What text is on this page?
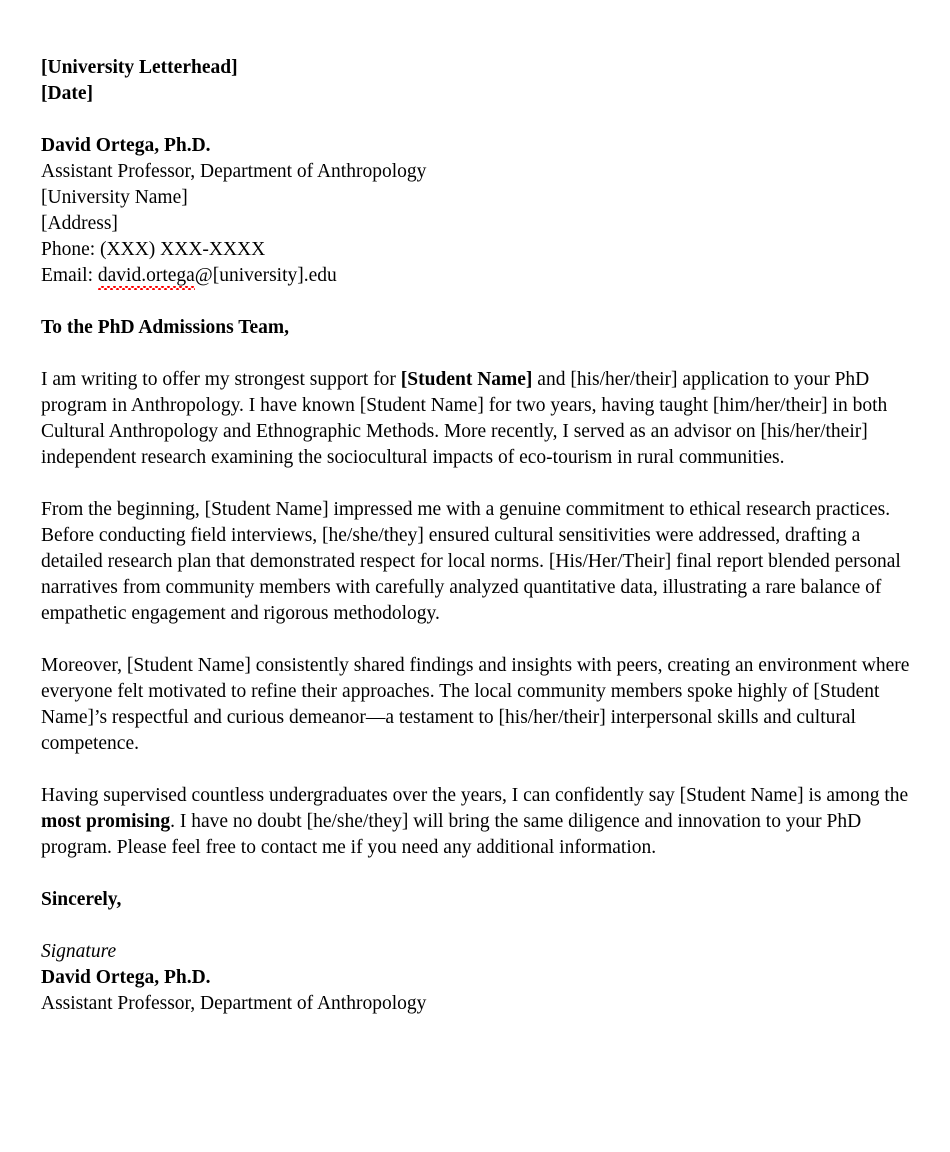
[University Letterhead]
[Date]
David Ortega, Ph.D.
Assistant Professor, Department of Anthropology
[University Name]
[Address]
Phone: (XXX) XXX-XXXX
Email: david.ortega@[university].edu
To the PhD Admissions Team,

I am writing to offer my strongest support for [Student Name] and [his/her/their] application to your PhD program in Anthropology. I have known [Student Name] for two years, having taught [him/her/their] in both Cultural Anthropology and Ethnographic Methods. More recently, I served as an advisor on [his/her/their] independent research examining the sociocultural impacts of eco-tourism in rural communities.

From the beginning, [Student Name] impressed me with a genuine commitment to ethical research practices. Before conducting field interviews, [he/she/they] ensured cultural sensitivities were addressed, drafting a detailed research plan that demonstrated respect for local norms. [His/Her/Their] final report blended personal narratives from community members with carefully analyzed quantitative data, illustrating a rare balance of empathetic engagement and rigorous methodology.

Moreover, [Student Name] consistently shared findings and insights with peers, creating an environment where everyone felt motivated to refine their approaches. The local community members spoke highly of [Student Name]’s respectful and curious demeanor—a testament to [his/her/their] interpersonal skills and cultural competence.

Having supervised countless undergraduates over the years, I can confidently say [Student Name] is among the most promising. I have no doubt [he/she/they] will bring the same diligence and innovation to your PhD program. Please feel free to contact me if you need any additional information.

Sincerely,
Signature
David Ortega, Ph.D.
Assistant Professor, Department of Anthropology
